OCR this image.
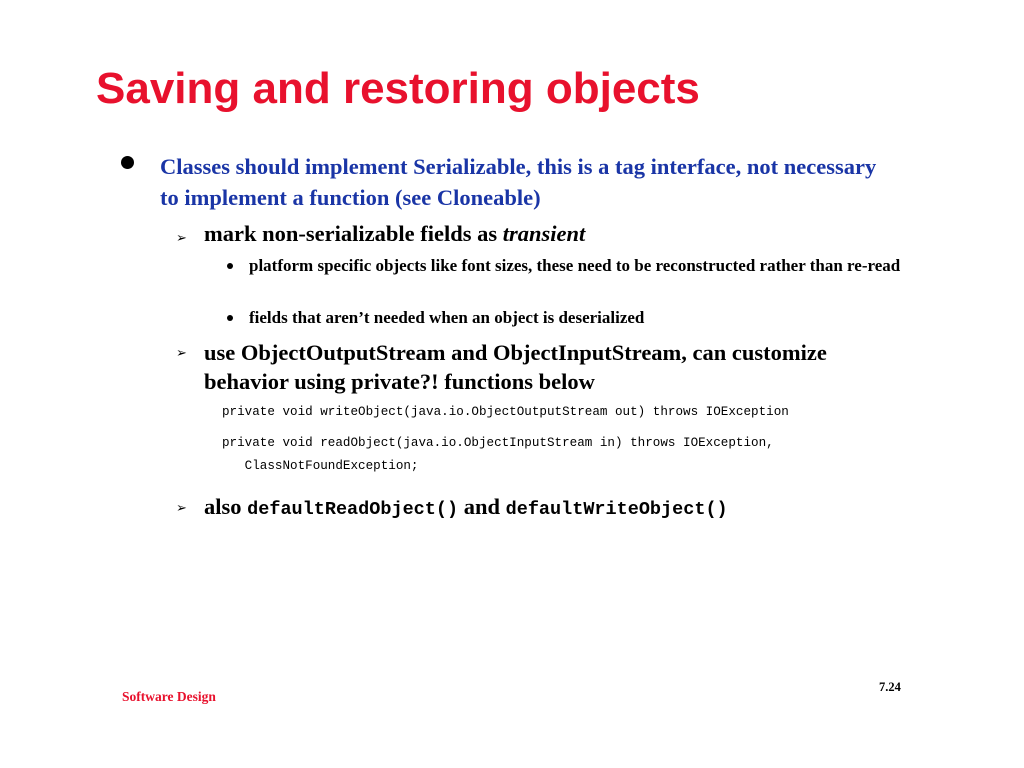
Saving and restoring objects
Classes should implement Serializable, this is a tag interface, not necessary to implement a function (see Cloneable)
➢ mark non-serializable fields as transient
platform specific objects like font sizes, these need to be reconstructed rather than re-read
fields that aren’t needed when an object is deserialized
➢ use ObjectOutputStream and ObjectInputStream, can customize behavior using private?! functions below
private void writeObject(java.io.ObjectOutputStream out) throws IOException
private void readObject(java.io.ObjectInputStream in) throws IOException,
ClassNotFoundException;
➢ also defaultReadObject() and defaultWriteObject()

Software Design

7.24
